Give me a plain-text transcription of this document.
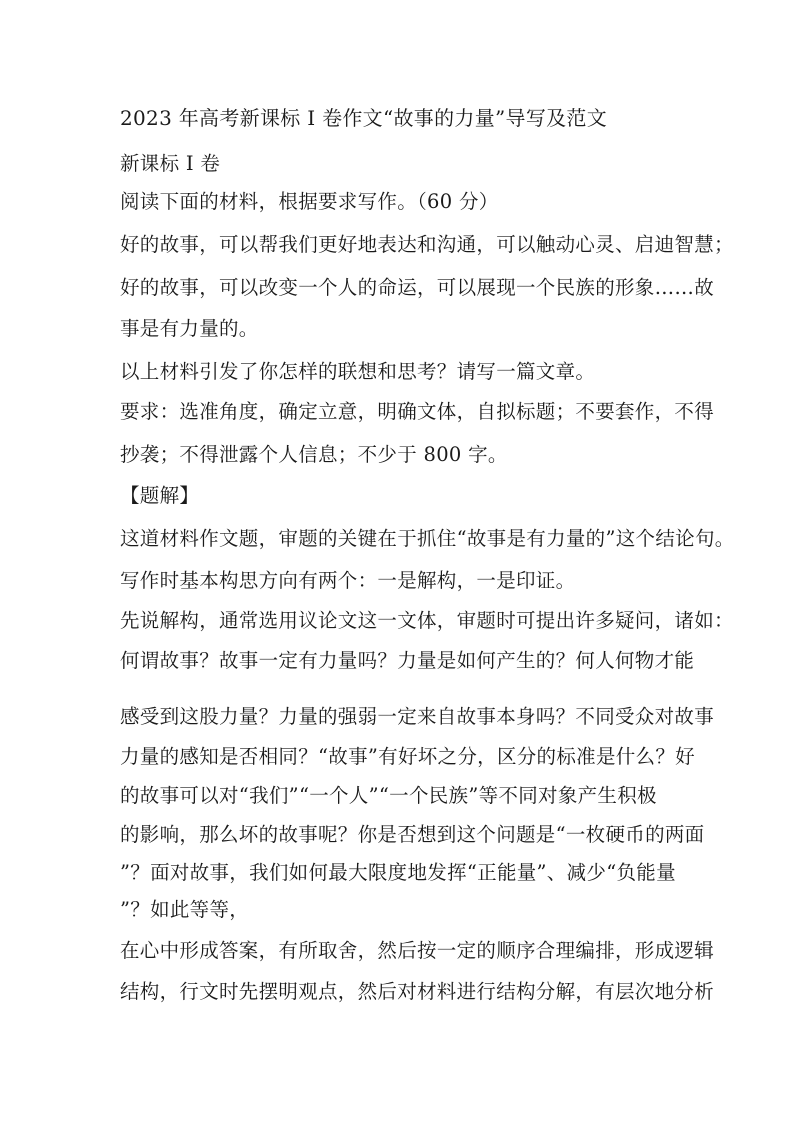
2023 年高考新课标 I 卷作文“故事的力量”导写及范文
新课标 I 卷
阅读下面的材料，根据要求写作。（60 分）
好的故事，可以帮我们更好地表达和沟通，可以触动心灵、启迪智慧；
好的故事，可以改变一个人的命运，可以展现一个民族的形象……故
事是有力量的。
以上材料引发了你怎样的联想和思考？请写一篇文章。
要求：选准角度，确定立意，明确文体，自拟标题；不要套作，不得
抄袭；不得泄露个人信息；不少于 800 字。
【题解】
这道材料作文题，审题的关键在于抓住“故事是有力量的”这个结论句。
写作时基本构思方向有两个：一是解构，一是印证。
先说解构，通常选用议论文这一文体，审题时可提出许多疑问，诸如：
何谓故事？故事一定有力量吗？力量是如何产生的？何人何物才能
感受到这股力量？力量的强弱一定来自故事本身吗？不同受众对故事
力量的感知是否相同？“故事”有好坏之分，区分的标准是什么？好
的故事可以对“我们”“一个人”“一个民族”等不同对象产生积极
的影响，那么坏的故事呢？你是否想到这个问题是“一枚硬币的两面
”？面对故事，我们如何最大限度地发挥“正能量”、减少“负能量
”？如此等等，
在心中形成答案，有所取舍，然后按一定的顺序合理编排，形成逻辑
结构，行文时先摆明观点，然后对材料进行结构分解，有层次地分析
